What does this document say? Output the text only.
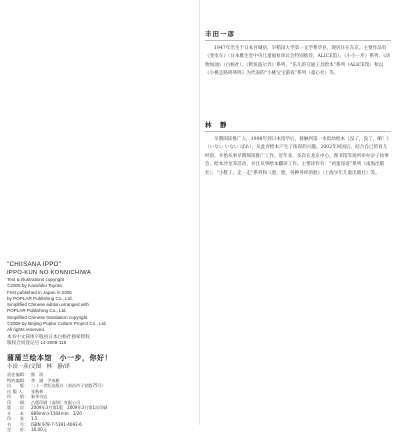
丰田一彦

1947年出生于日本宫城县，早稻田大学第一文学系毕业，现居住在东京。主要作品有《变电车》（日本雅生堂中央儿童福祉审议会特别推荐，ALICE馆）、《小小一步》系列、《动物加油》（白杨社）、《鳄鱼波尔奔》系列、“乐儿的交通工具绘本”系列（ALICE馆）和以《小桃走路咚咚咚》为代表的“小桃宝宝游戏”系列（童心社）等。

林　静

早期阅读推广人，1998年到日本留学后，接触到第一本低幼绘本《没了，没了，嗬！》（いない いない ばあ），从此对绘本产生了浓厚的兴趣。2002年回国后，结合自己的育儿经验，开始从事早期阅读推广工作。近年来，多次在北京中心、图书馆等场所举办亲子故事会。绘本沙龙等活动，并且从事绘本翻译工作。主要译作有：“鸡蛋哥哥”系列（南海出版社）、“小鞋子，走一走”系列和《脸，脸，各种各样的脸》（上海少年儿童出版社）等。

"CHIISANA IPPO"
IPPO-KUN NO KONNICHIWA
Text & Illustrations copyright
©2005 by Kazuhiko Toyota
First published in Japan in 2005
by POPLAR Publishing Co., Ltd.
Simplified Chinese edition arranged with
POPLAR Publishing Co., Ltd.
Simplified Chinese translation copyright
©2009 by Beijing Poplar Culture Project Co., Ltd.
All rights reserved.
本书中文简体字版由日本白杨社独家授权
版权合同登记号 14-2008-115
蒲蒲兰绘本馆　小一步，你好！
丰田一彦/文图　林　静/译
责任编辑： 熊　炽
特约编辑： 李　涵　尹成彬
出　　版： 二十一世纪出版社（南昌市子安路75号）
出 版 人： 张秋林
经　　销： 新华书店
印　　刷： 凸版印刷（深圳）有限公司
版　　次： 2009年3月第1版　2009年3月第1次印刷
开　　本： 889mm×1194mm　1/20
印　　张： 1.5
书　　号： ISBN 978-7-5391-4693-6
定　　价： 16.00元
